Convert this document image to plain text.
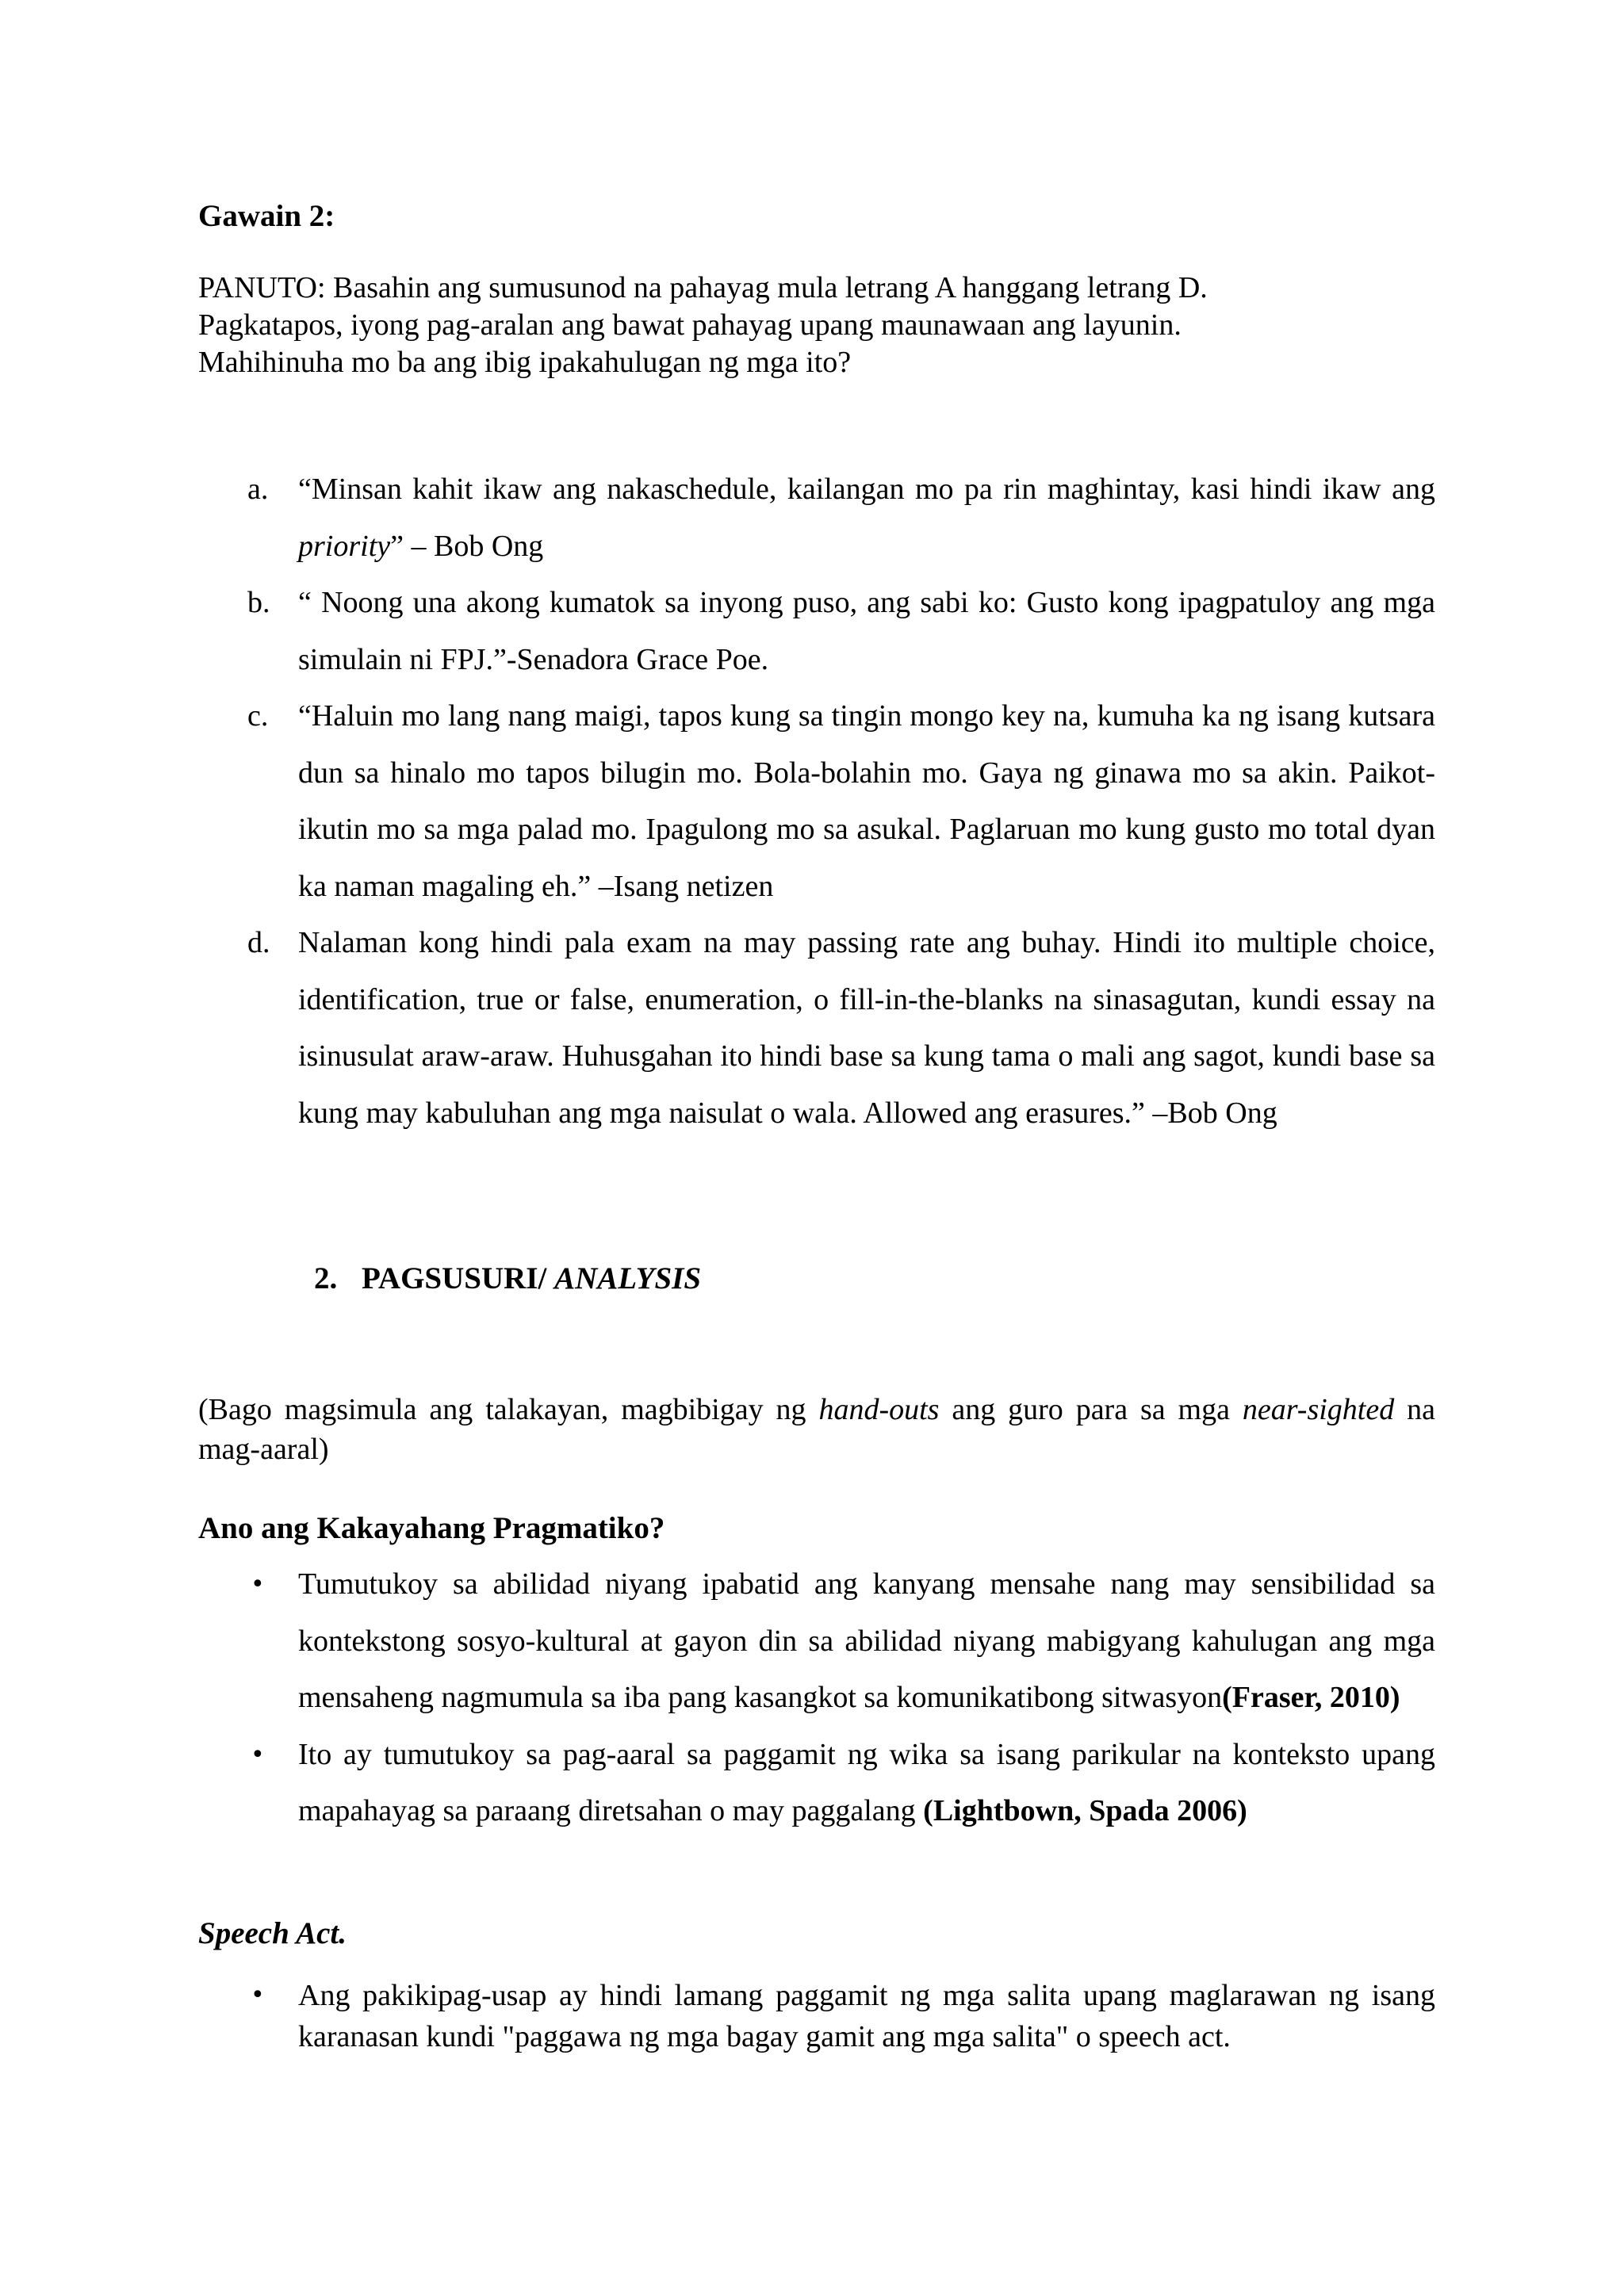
Gawain 2:
PANUTO: Basahin ang sumusunod na pahayag mula letrang A hanggang letrang D.
Pagkatapos, iyong pag-aralan ang bawat pahayag upang maunawaan ang layunin.
Mahihinuha mo ba ang ibig ipakahulugan ng mga ito?
a. “Minsan kahit ikaw ang nakaschedule, kailangan mo pa rin maghintay, kasi hindi ikaw ang priority” – Bob Ong
b. “ Noong una akong kumatok sa inyong puso, ang sabi ko: Gusto kong ipagpatuloy ang mga simulain ni FPJ.”-Senadora Grace Poe.
c. “Haluin mo lang nang maigi, tapos kung sa tingin mongo key na, kumuha ka ng isang kutsara dun sa hinalo mo tapos bilugin mo. Bola-bolahin mo. Gaya ng ginawa mo sa akin. Paikot-ikutin mo sa mga palad mo. Ipagulong mo sa asukal. Paglaruan mo kung gusto mo total dyan ka naman magaling eh.” –Isang netizen
d. Nalaman kong hindi pala exam na may passing rate ang buhay. Hindi ito multiple choice, identification, true or false, enumeration, o fill-in-the-blanks na sinasagutan, kundi essay na isinusulat araw-araw. Huhusgahan ito hindi base sa kung tama o mali ang sagot, kundi base sa kung may kabuluhan ang mga naisulat o wala. Allowed ang erasures.” –Bob Ong
2. PAGSUSURI/ ANALYSIS
(Bago magsimula ang talakayan, magbibigay ng hand-outs ang guro para sa mga near-sighted na mag-aaral)
Ano ang Kakayahang Pragmatiko?
• Tumutukoy sa abilidad niyang ipabatid ang kanyang mensahe nang may sensibilidad sa kontekstong sosyo-kultural at gayon din sa abilidad niyang mabigyang kahulugan ang mga mensaheng nagmumula sa iba pang kasangkot sa komunikatibong sitwasyon(Fraser, 2010)
• Ito ay tumutukoy sa pag-aaral sa paggamit ng wika sa isang parikular na konteksto upang mapahayag sa paraang diretsahan o may paggalang (Lightbown, Spada 2006)
Speech Act.
• Ang pakikipag-usap ay hindi lamang paggamit ng mga salita upang maglarawan ng isang karanasan kundi "paggawa ng mga bagay gamit ang mga salita" o speech act.
